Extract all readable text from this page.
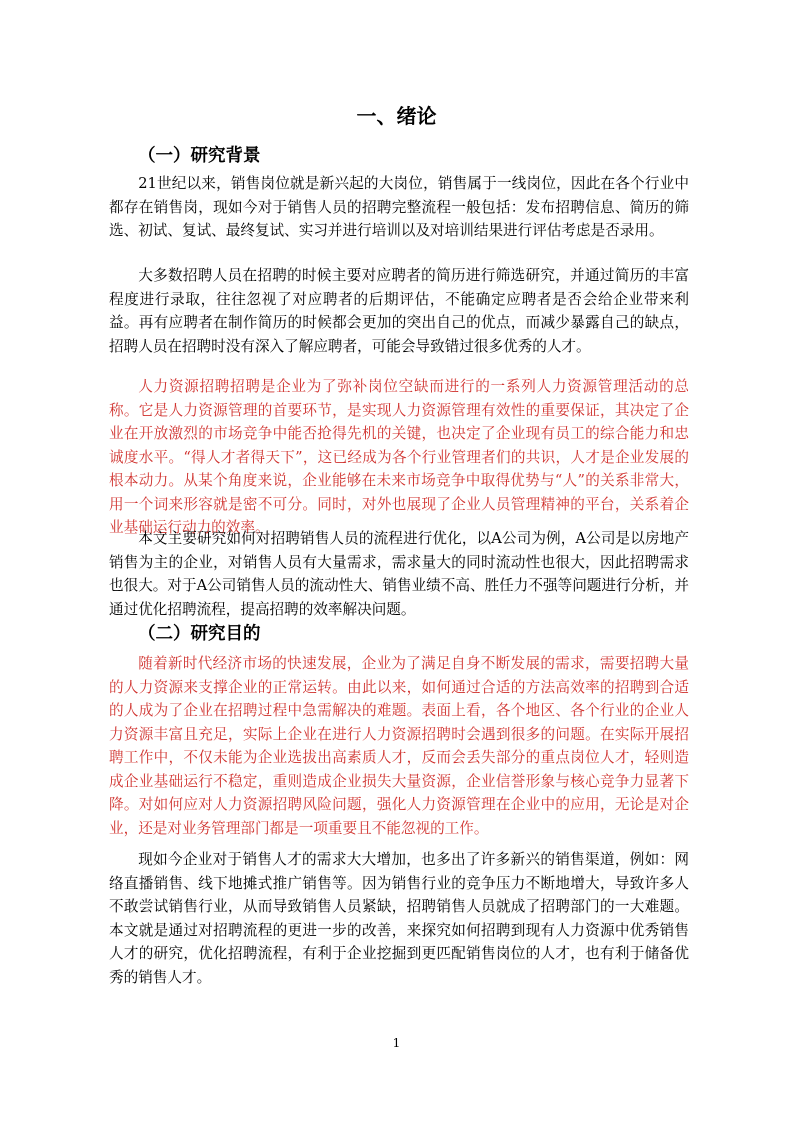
一、绪论
（一）研究背景

21世纪以来，销售岗位就是新兴起的大岗位，销售属于一线岗位，因此在各个行业中都存在销售岗，现如今对于销售人员的招聘完整流程一般包括：发布招聘信息、简历的筛选、初试、复试、最终复试、实习并进行培训以及对培训结果进行评估考虑是否录用。

大多数招聘人员在招聘的时候主要对应聘者的简历进行筛选研究，并通过简历的丰富程度进行录取，往往忽视了对应聘者的后期评估，不能确定应聘者是否会给企业带来利益。再有应聘者在制作简历的时候都会更加的突出自己的优点，而减少暴露自己的缺点，招聘人员在招聘时没有深入了解应聘者，可能会导致错过很多优秀的人才。

人力资源招聘招聘是企业为了弥补岗位空缺而进行的一系列人力资源管理活动的总称。它是人力资源管理的首要环节，是实现人力资源管理有效性的重要保证，其决定了企业在开放激烈的市场竞争中能否抢得先机的关键，也决定了企业现有员工的综合能力和忠诚度水平。“得人才者得天下”，这已经成为各个行业管理者们的共识，人才是企业发展的根本动力。从某个角度来说，企业能够在未来市场竞争中取得优势与“人”的关系非常大，用一个词来形容就是密不可分。同时，对外也展现了企业人员管理精神的平台，关系着企业基础运行动力的效率。

本文主要研究如何对招聘销售人员的流程进行优化，以A公司为例，A公司是以房地产销售为主的企业，对销售人员有大量需求，需求量大的同时流动性也很大，因此招聘需求也很大。对于A公司销售人员的流动性大、销售业绩不高、胜任力不强等问题进行分析，并通过优化招聘流程，提高招聘的效率解决问题。

（二）研究目的

随着新时代经济市场的快速发展，企业为了满足自身不断发展的需求，需要招聘大量的人力资源来支撑企业的正常运转。由此以来，如何通过合适的方法高效率的招聘到合适的人成为了企业在招聘过程中急需解决的难题。表面上看，各个地区、各个行业的企业人力资源丰富且充足，实际上企业在进行人力资源招聘时会遇到很多的问题。在实际开展招聘工作中，不仅未能为企业选拔出高素质人才，反而会丢失部分的重点岗位人才，轻则造成企业基础运行不稳定，重则造成企业损失大量资源，企业信誉形象与核心竞争力显著下降。对如何应对人力资源招聘风险问题，强化人力资源管理在企业中的应用，无论是对企业，还是对业务管理部门都是一项重要且不能忽视的工作。

现如今企业对于销售人才的需求大大增加，也多出了许多新兴的销售渠道，例如：网络直播销售、线下地摊式推广销售等。因为销售行业的竞争压力不断地增大，导致许多人不敢尝试销售行业，从而导致销售人员紧缺，招聘销售人员就成了招聘部门的一大难题。本文就是通过对招聘流程的更进一步的改善，来探究如何招聘到现有人力资源中优秀销售人才的研究，优化招聘流程，有利于企业挖掘到更匹配销售岗位的人才，也有利于储备优秀的销售人才。

1
